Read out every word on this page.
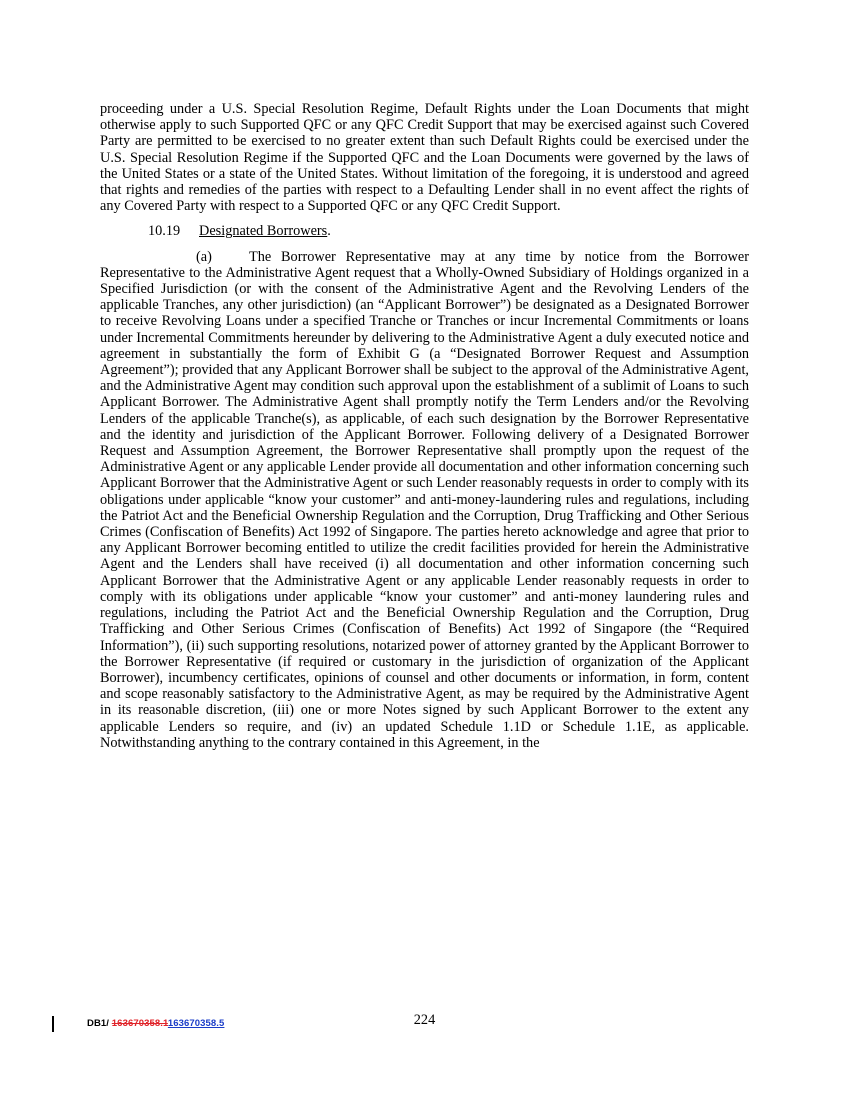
proceeding under a U.S. Special Resolution Regime, Default Rights under the Loan Documents that might otherwise apply to such Supported QFC or any QFC Credit Support that may be exercised against such Covered Party are permitted to be exercised to no greater extent than such Default Rights could be exercised under the U.S. Special Resolution Regime if the Supported QFC and the Loan Documents were governed by the laws of the United States or a state of the United States. Without limitation of the foregoing, it is understood and agreed that rights and remedies of the parties with respect to a Defaulting Lender shall in no event affect the rights of any Covered Party with respect to a Supported QFC or any QFC Credit Support.

10.19 Designated Borrowers.

(a)	The Borrower Representative may at any time by notice from the Borrower Representative to the Administrative Agent request that a Wholly-Owned Subsidiary of Holdings organized in a Specified Jurisdiction (or with the consent of the Administrative Agent and the Revolving Lenders of the applicable Tranches, any other jurisdiction) (an “Applicant Borrower”) be designated as a Designated Borrower to receive Revolving Loans under a specified Tranche or Tranches or incur Incremental Commitments or loans under Incremental Commitments hereunder by delivering to the Administrative Agent a duly executed notice and agreement in substantially the form of Exhibit G (a “Designated Borrower Request and Assumption Agreement”); provided that any Applicant Borrower shall be subject to the approval of the Administrative Agent, and the Administrative Agent may condition such approval upon the establishment of a sublimit of Loans to such Applicant Borrower. The Administrative Agent shall promptly notify the Term Lenders and/or the Revolving Lenders of the applicable Tranche(s), as applicable, of each such designation by the Borrower Representative and the identity and jurisdiction of the Applicant Borrower. Following delivery of a Designated Borrower Request and Assumption Agreement, the Borrower Representative shall promptly upon the request of the Administrative Agent or any applicable Lender provide all documentation and other information concerning such Applicant Borrower that the Administrative Agent or such Lender reasonably requests in order to comply with its obligations under applicable “know your customer” and anti-money-laundering rules and regulations, including the Patriot Act and the Beneficial Ownership Regulation and the Corruption, Drug Trafficking and Other Serious Crimes (Confiscation of Benefits) Act 1992 of Singapore. The parties hereto acknowledge and agree that prior to any Applicant Borrower becoming entitled to utilize the credit facilities provided for herein the Administrative Agent and the Lenders shall have received (i) all documentation and other information concerning such Applicant Borrower that the Administrative Agent or any applicable Lender reasonably requests in order to comply with its obligations under applicable “know your customer” and anti-money laundering rules and regulations, including the Patriot Act and the Beneficial Ownership Regulation and the Corruption, Drug Trafficking and Other Serious Crimes (Confiscation of Benefits) Act 1992 of Singapore (the “Required Information”), (ii) such supporting resolutions, notarized power of attorney granted by the Applicant Borrower to the Borrower Representative (if required or customary in the jurisdiction of organization of the Applicant Borrower), incumbency certificates, opinions of counsel and other documents or information, in form, content and scope reasonably satisfactory to the Administrative Agent, as may be required by the Administrative Agent in its reasonable discretion, (iii) one or more Notes signed by such Applicant Borrower to the extent any applicable Lenders so require, and (iv) an updated Schedule 1.1D or Schedule 1.1E, as applicable. Notwithstanding anything to the contrary contained in this Agreement, in the

DB1/ 163670358.1163670358.5	224
